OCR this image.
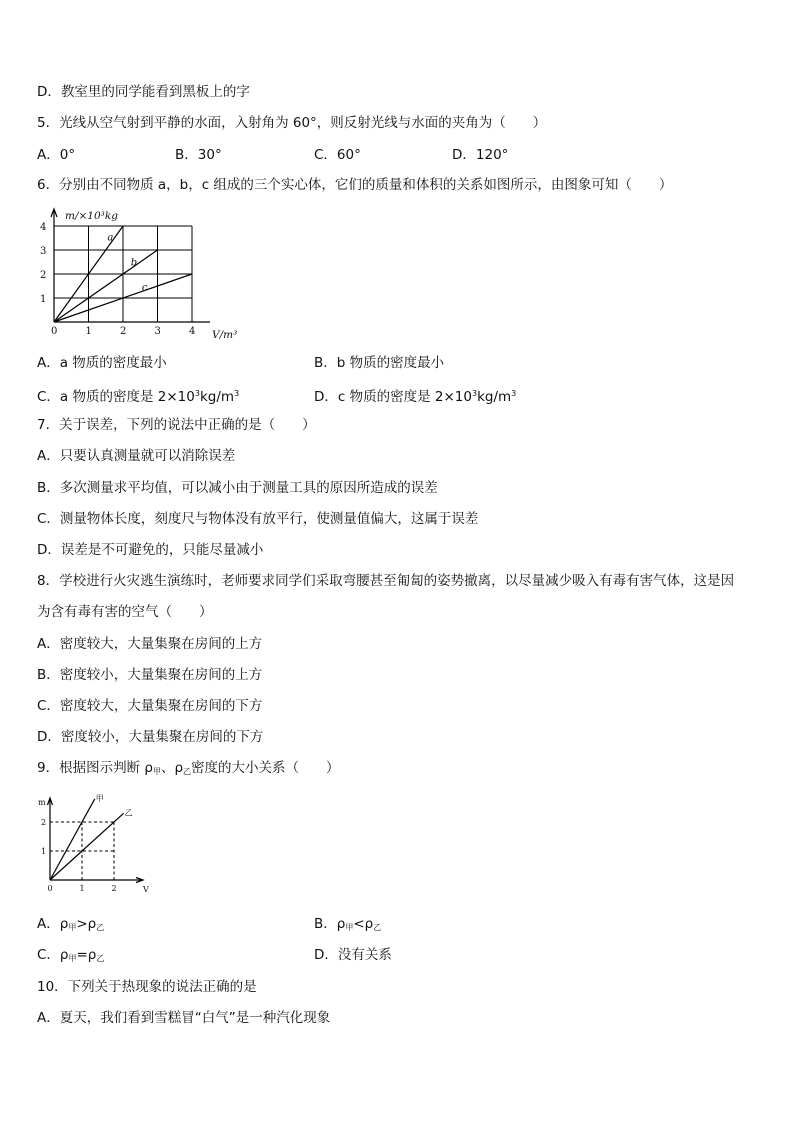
D．教室里的同学能看到黑板上的字
5．光线从空气射到平静的水面，入射角为 60°，则反射光线与水面的夹角为（　　）
A．0°	B．30°	C．60°	D．120°
6．分别由不同物质 a，b，c 组成的三个实心体，它们的质量和体积的关系如图所示，由图象可知（　　）
a
b
c
0	1	2	3	4
1
2
3
4
m/×10³kg
V/m³
A．a 物质的密度最小	B．b 物质的密度最小
C．a 物质的密度是 $2\times 10^3kg/m^3$	D．c 物质的密度是 $2\times 10^3kg/m^3$
7．关于误差，下列的说法中正确的是（　　）
A．只要认真测量就可以消除误差
B．多次测量求平均值，可以减小由于测量工具的原因所造成的误差
C．测量物体长度，刻度尺与物体没有放平行，使测量值偏大，这属于误差
D．误差是不可避免的，只能尽量减小
8．学校进行火灾逃生演练时，老师要求同学们采取弯腰甚至匍匐的姿势撤离，以尽量减少吸入有毒有害气体，这是因
为含有毒有害的空气（　　）
A．密度较大，大量集聚在房间的上方
B．密度较小，大量集聚在房间的上方
C．密度较大，大量集聚在房间的下方
D．密度较小，大量集聚在房间的下方
9．根据图示判断 $\rho_甲$、$\rho_乙$密度的大小关系（　　）
甲
乙
0	1	2
1
2
m
V
A．$\rho_甲>\rho_乙$	B．$\rho_甲<\rho_乙$
C．$\rho_甲=\rho_乙$	D．没有关系
10．下列关于热现象的说法正确的是
A．夏天，我们看到雪糕冒“白气”是一种汽化现象
